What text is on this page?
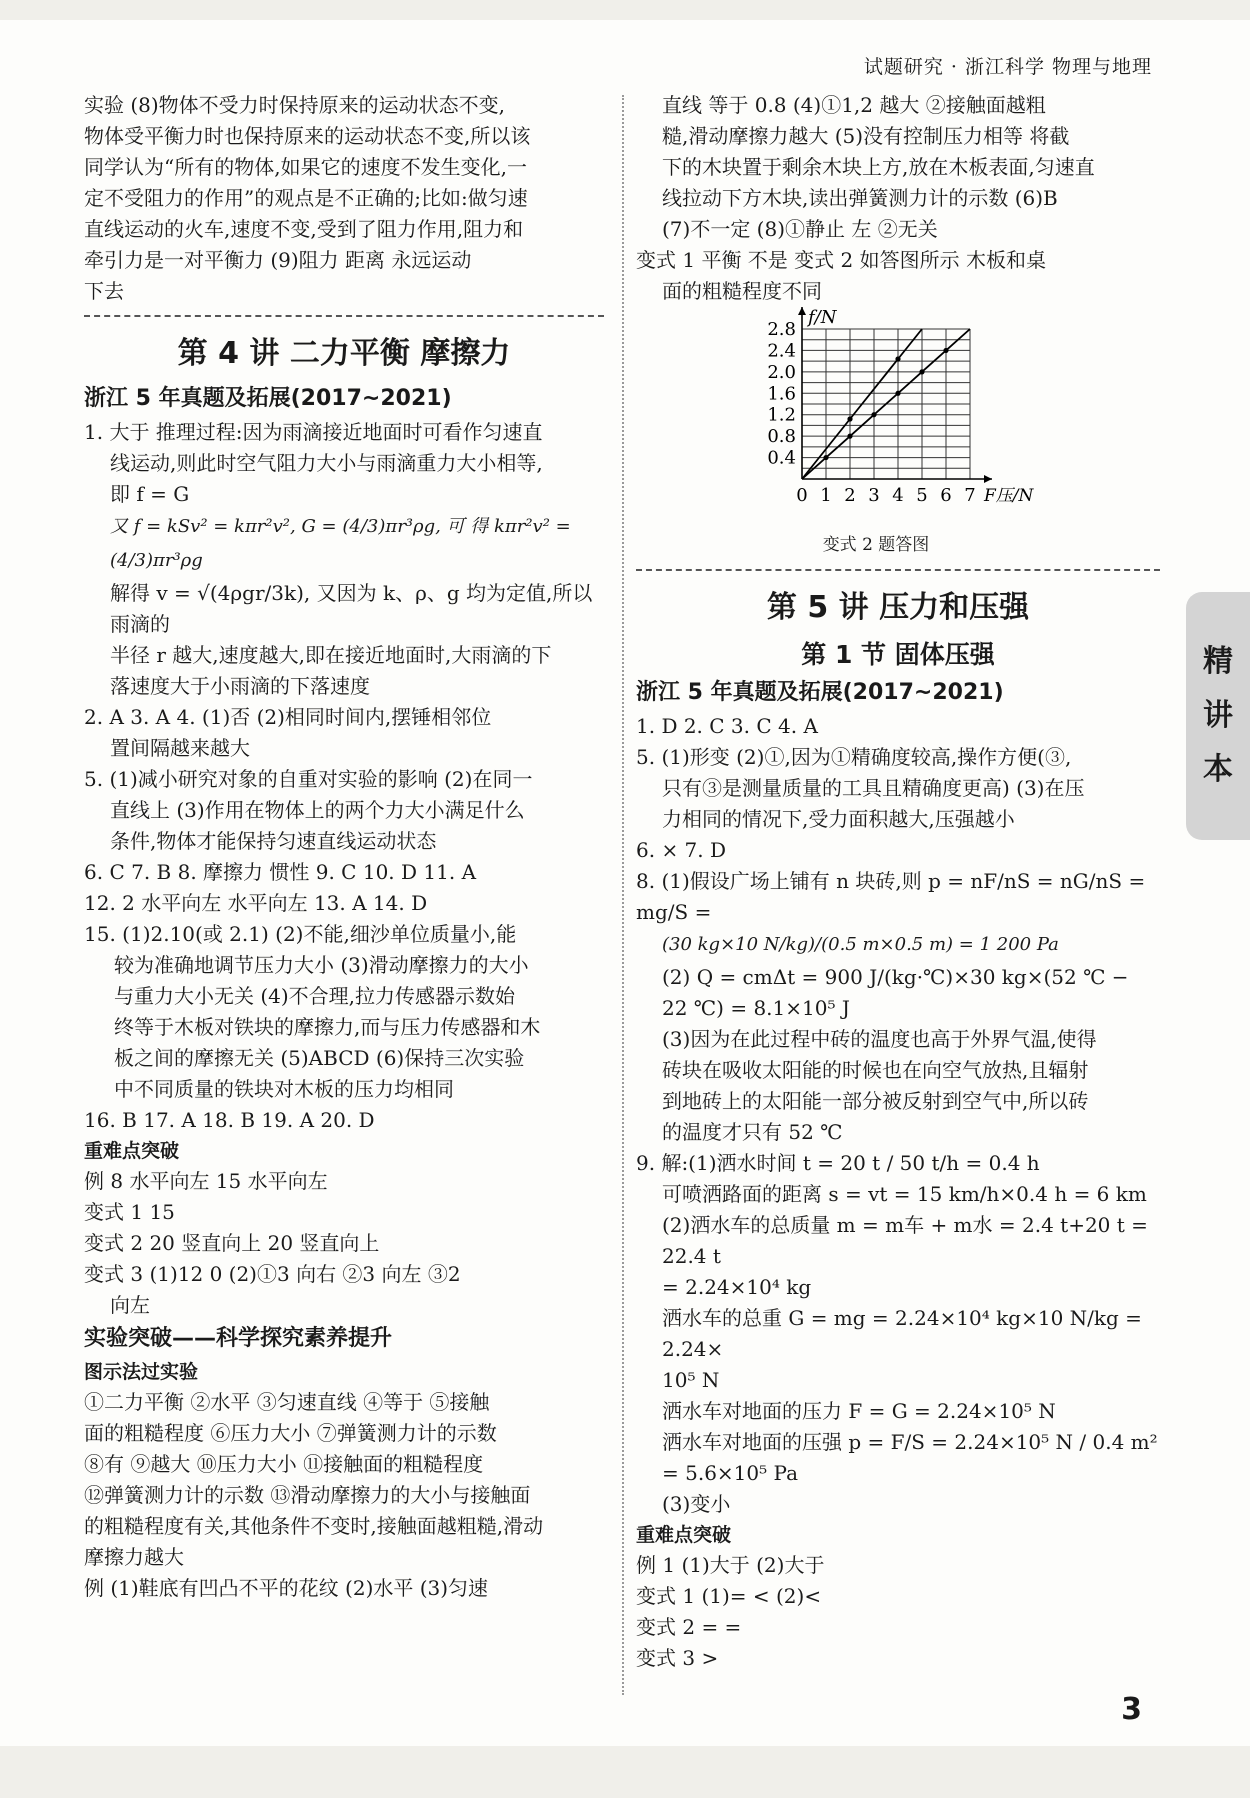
试题研究 · 浙江科学 物理与地理

实验 (8)物体不受力时保持原来的运动状态不变,

物体受平衡力时也保持原来的运动状态不变,所以该

同学认为“所有的物体,如果它的速度不发生变化,一

定不受阻力的作用”的观点是不正确的;比如:做匀速

直线运动的火车,速度不变,受到了阻力作用,阻力和

牵引力是一对平衡力 (9)阻力 距离 永远运动

下去

第 4 讲 二力平衡 摩擦力
浙江 5 年真题及拓展(2017~2021)

1. 大于 推理过程:因为雨滴接近地面时可看作匀速直

线运动,则此时空气阻力大小与雨滴重力大小相等,

即 f = G

又 f = kSv² = kπr²v², G = (4/3)πr³ρg, 可 得 kπr²v² =

(4/3)πr³ρg

解得 v = √(4ρgr/3k), 又因为 k、ρ、g 均为定值,所以雨滴的

半径 r 越大,速度越大,即在接近地面时,大雨滴的下

落速度大于小雨滴的下落速度

2. A 3. A 4. (1)否 (2)相同时间内,摆锤相邻位

置间隔越来越大

5. (1)减小研究对象的自重对实验的影响 (2)在同一

直线上 (3)作用在物体上的两个力大小满足什么

条件,物体才能保持匀速直线运动状态

6. C 7. B 8. 摩擦力 惯性 9. C 10. D 11. A

12. 2 水平向左 水平向左 13. A 14. D

15. (1)2.10(或 2.1) (2)不能,细沙单位质量小,能

较为准确地调节压力大小 (3)滑动摩擦力的大小

与重力大小无关 (4)不合理,拉力传感器示数始

终等于木板对铁块的摩擦力,而与压力传感器和木

板之间的摩擦无关 (5)ABCD (6)保持三次实验

中不同质量的铁块对木板的压力均相同

16. B 17. A 18. B 19. A 20. D

重难点突破

例 8 水平向左 15 水平向左

变式 1 15

变式 2 20 竖直向上 20 竖直向上

变式 3 (1)12 0 (2)①3 向右 ②3 向左 ③2

向左

实验突破——科学探究素养提升
图示法过实验

①二力平衡 ②水平 ③匀速直线 ④等于 ⑤接触

面的粗糙程度 ⑥压力大小 ⑦弹簧测力计的示数

⑧有 ⑨越大 ⑩压力大小 ⑪接触面的粗糙程度

⑫弹簧测力计的示数 ⑬滑动摩擦力的大小与接触面

的粗糙程度有关,其他条件不变时,接触面越粗糙,滑动

摩擦力越大

例 (1)鞋底有凹凸不平的花纹 (2)水平 (3)匀速

直线 等于 0.8 (4)①1,2 越大 ②接触面越粗

糙,滑动摩擦力越大 (5)没有控制压力相等 将截

下的木块置于剩余木块上方,放在木板表面,匀速直

线拉动下方木块,读出弹簧测力计的示数 (6)B

(7)不一定 (8)①静止 左 ②无关

变式 1 平衡 不是 变式 2 如答图所示 木板和桌

面的粗糙程度不同

0 1 2 3 4 5 6 7
0.4
0.8
1.2
1.6
2.0
2.4
2.8
f/N
F压/N
变式 2 题答图
第 5 讲 压力和压强
第 1 节 固体压强
浙江 5 年真题及拓展(2017~2021)

1. D 2. C 3. C 4. A

5. (1)形变 (2)①,因为①精确度较高,操作方便(③,

只有③是测量质量的工具且精确度更高) (3)在压

力相同的情况下,受力面积越大,压强越小

6. × 7. D

8. (1)假设广场上铺有 n 块砖,则 p = nF/nS = nG/nS = mg/S =

(30 kg×10 N/kg)/(0.5 m×0.5 m) = 1 200 Pa

(2) Q = cmΔt = 900 J/(kg·℃)×30 kg×(52 ℃ −

22 ℃) = 8.1×10⁵ J

(3)因为在此过程中砖的温度也高于外界气温,使得

砖块在吸收太阳能的时候也在向空气放热,且辐射

到地砖上的太阳能一部分被反射到空气中,所以砖

的温度才只有 52 ℃

9. 解:(1)洒水时间 t = 20 t / 50 t/h = 0.4 h

可喷洒路面的距离 s = vt = 15 km/h×0.4 h = 6 km

(2)洒水车的总质量 m = m车 + m水 = 2.4 t+20 t = 22.4 t

= 2.24×10⁴ kg

洒水车的总重 G = mg = 2.24×10⁴ kg×10 N/kg = 2.24×

10⁵ N

洒水车对地面的压力 F = G = 2.24×10⁵ N

洒水车对地面的压强 p = F/S = 2.24×10⁵ N / 0.4 m² = 5.6×10⁵ Pa

(3)变小

重难点突破

例 1 (1)大于 (2)大于

变式 1 (1)= < (2)<

变式 2 = =

变式 3 >

精
讲
本
3
